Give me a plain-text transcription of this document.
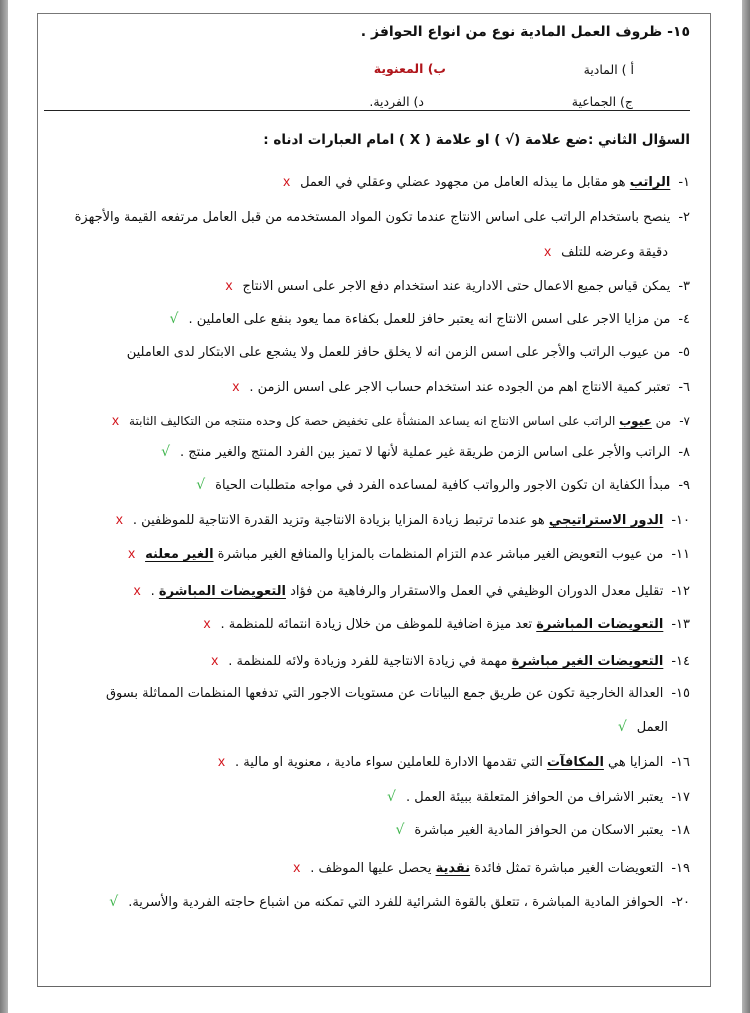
١٥- ظروف العمل المادية نوع من انواع الحوافز .
أ ) المادية
ب) المعنوية
ج) الجماعية
د) الفردية.
السؤال الثاني :ضع علامة (√ ) او علامة ( X ) امام العبارات ادناه :
١-الراتب هو مقابل ما يبذله العامل من مجهود عضلي وعقلي في العملx
٢-ينصح باستخدام الراتب على اساس الانتاج عندما تكون المواد المستخدمه من قبل العامل مرتفعه القيمة والأجهزة
دقيقة وعرضه للتلفx
٣-يمكن قياس جميع الاعمال حتى الادارية عند استخدام دفع الاجر على اسس الانتاجx
٤-من مزايا الاجر على اسس الانتاج انه يعتبر حافز للعمل بكفاءة مما يعود بنفع على العاملين .√
٥-من عيوب الراتب والأجر على اسس الزمن انه لا يخلق حافز للعمل ولا يشجع على الابتكار لدى العاملين
٦-تعتبر كمية الانتاج اهم من الجوده عند استخدام حساب الاجر على اسس الزمن .x
٧-من عيوب الراتب على اساس الانتاج انه يساعد المنشأة على تخفيض حصة كل وحده منتجه من التكاليف الثابتةx
٨-الراتب والأجر على اساس الزمن طريقة غير عملية لأنها لا تميز بين الفرد المنتج والغير منتج .√
٩-مبدأ الكفاية ان تكون الاجور والرواتب كافية لمساعده الفرد في مواجه متطلبات الحياة√
١٠-الدور الاستراتيجي هو عندما ترتبط زيادة المزايا بزيادة الانتاجية وتزيد القدرة الانتاجية للموظفين .x
١١-من عيوب التعويض الغير مباشر عدم التزام المنظمات بالمزايا والمنافع الغير مباشرة الغير معلنهx
١٢-تقليل معدل الدوران الوظيفي في العمل والاستقرار والرفاهية من فؤاد التعويضات المباشرة .x
١٣-التعويضات المباشرة تعد ميزة اضافية للموظف من خلال زيادة انتمائه للمنظمة .x
١٤-التعويضات الغير مباشرة مهمة في زيادة الانتاجية للفرد وزيادة ولائه للمنظمة .x
١٥-العدالة الخارجية تكون عن طريق جمع البيانات عن مستويات الاجور التي تدفعها المنظمات المماثلة بسوق
العمل√
١٦-المزايا هي المكافآت التي تقدمها الادارة للعاملين سواء مادية ، معنوية او مالية .x
١٧-يعتبر الاشراف من الحوافز المتعلقة ببيئة العمل .√
١٨-يعتبر الاسكان من الحوافز المادية الغير مباشرة√
١٩-التعويضات الغير مباشرة تمثل فائدة نقدية يحصل عليها الموظف .x
٢٠-الحوافز المادية المباشرة ، تتعلق بالقوة الشرائية للفرد التي تمكنه من اشباع حاجته الفردية والأسرية.√
